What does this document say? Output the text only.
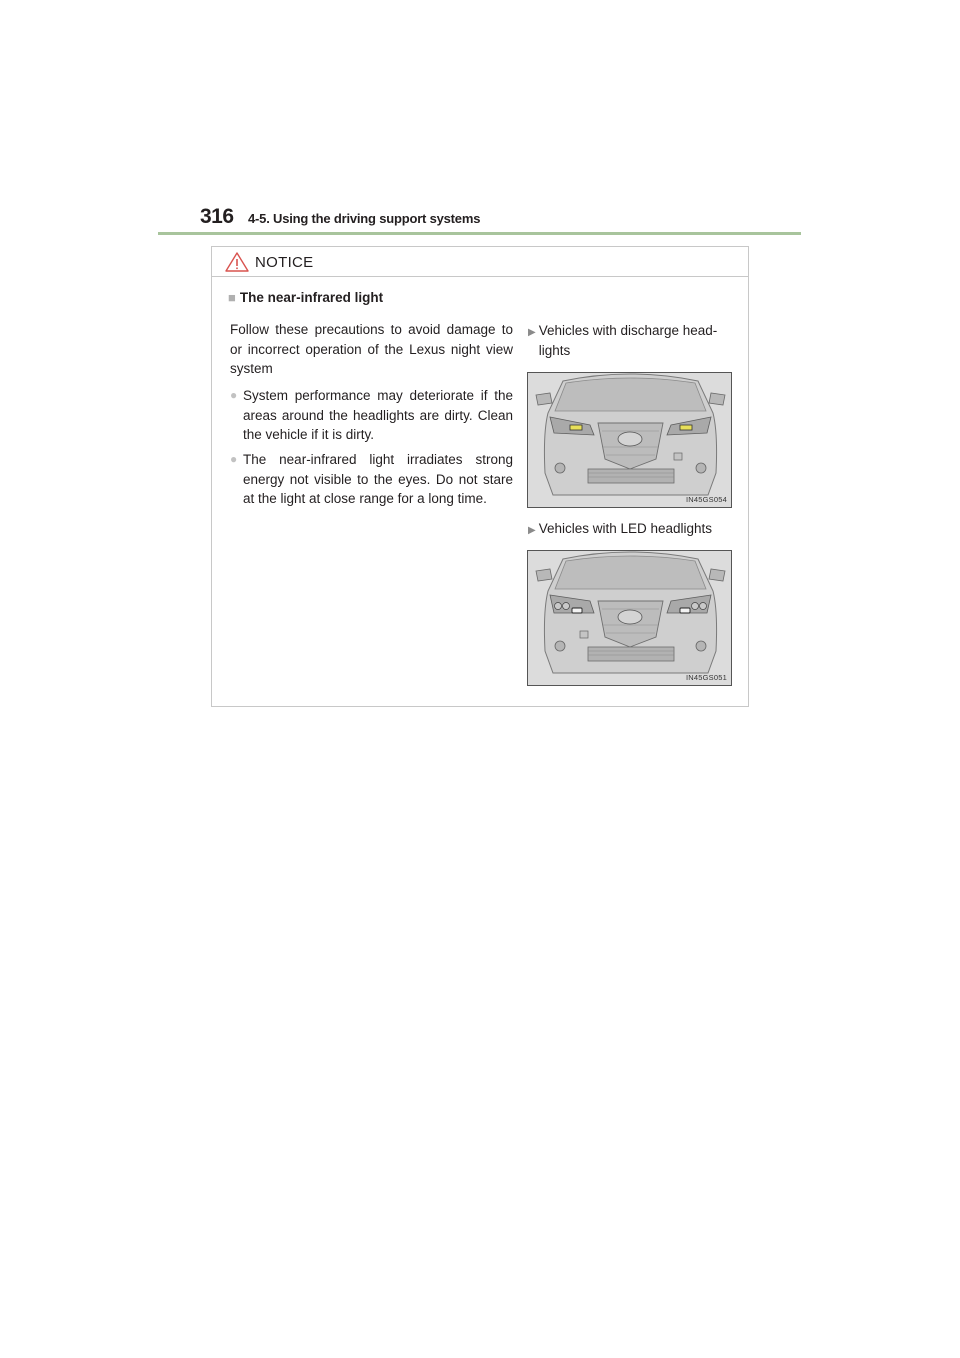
316 4-5. Using the driving support systems
NOTICE
■ The near-infrared light
Follow these precautions to avoid damage to or incorrect operation of the Lexus night view system
● System performance may deteriorate if the areas around the headlights are dirty. Clean the vehicle if it is dirty.
● The near-infrared light irradiates strong energy not visible to the eyes. Do not stare at the light at close range for a long time.
▶ Vehicles with discharge head-lights
IN45GS054
▶ Vehicles with LED headlights
IN45GS051
